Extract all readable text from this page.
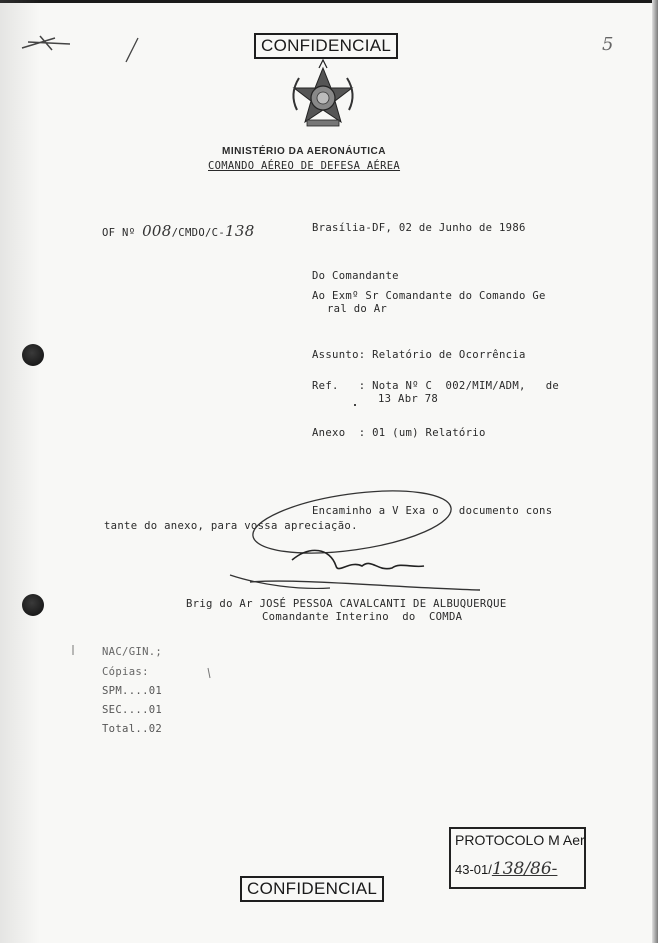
CONFIDENCIAL	5
MINISTÉRIO DA AERONÁUTICA
COMANDO AÉREO DE DEFESA AÉREA
OF Nº 008/CMDO/C-138	Brasília-DF, 02 de Junho de 1986
Do Comandante
Ao Exmº Sr Comandante do Comando Ge
ral do Ar
Assunto: Relatório de Ocorrência
Ref.   : Nota Nº C  002/MIM/ADM,   de
13 Abr 78
Anexo  : 01 (um) Relatório
Encaminho a V Exa o   documento cons
tante do anexo, para vossa apreciação.
Brig do Ar JOSÉ PESSOA CAVALCANTI DE ALBUQUERQUE
Comandante Interino  do  COMDA
NAC/GIN.;
Cópias:
SPM....01
SEC....01
Total..02
PROTOCOLO M Aer
43-01/138/86-
CONFIDENCIAL
